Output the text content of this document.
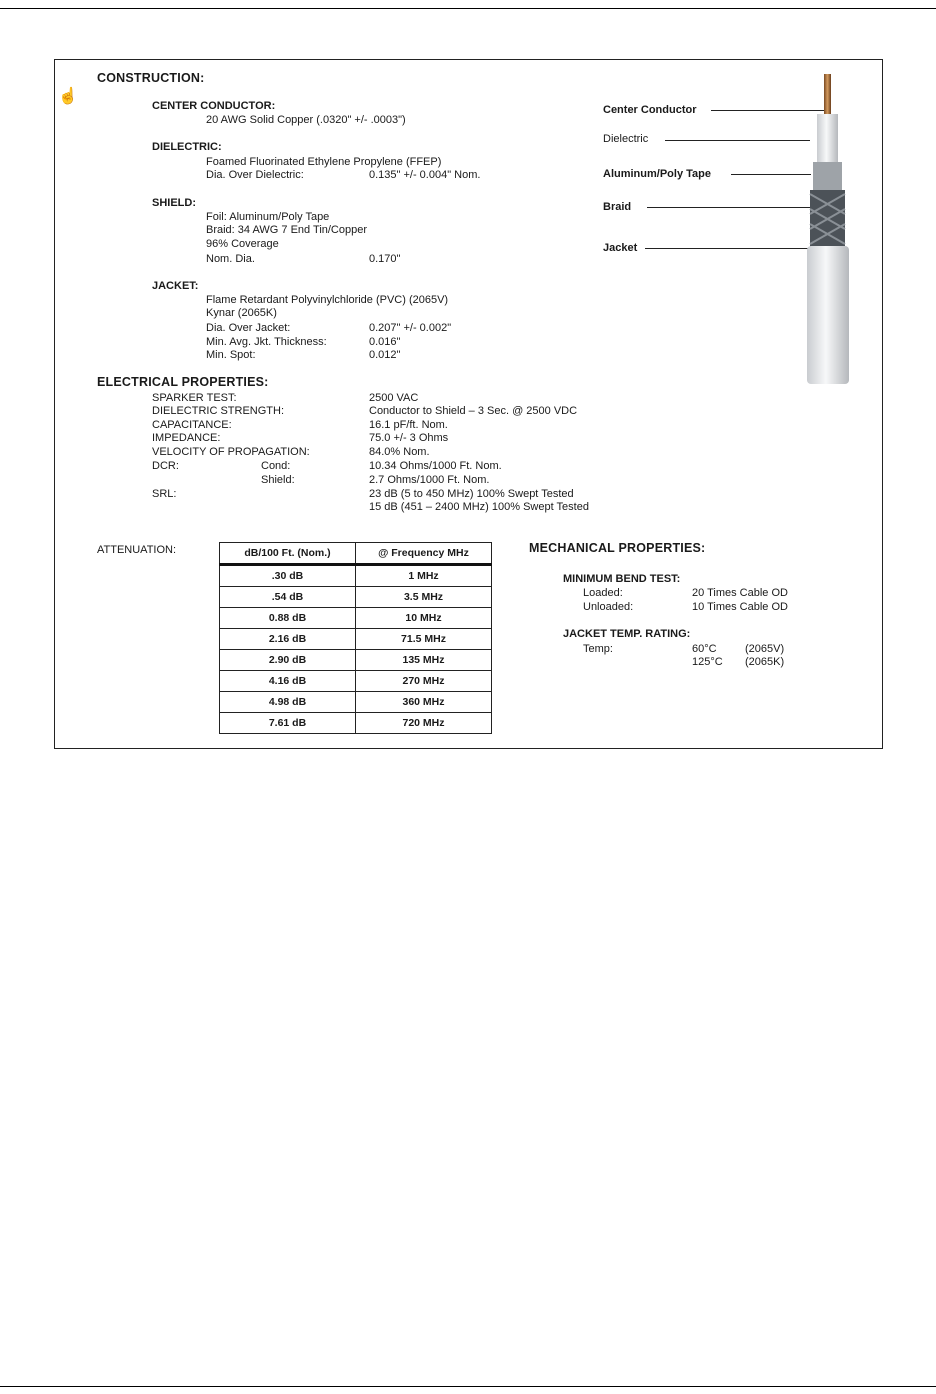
☝
CONSTRUCTION:
CENTER CONDUCTOR:
20 AWG Solid Copper (.0320" +/- .0003")
DIELECTRIC:
Foamed Fluorinated Ethylene Propylene (FFEP)
Dia. Over Dielectric:	0.135" +/- 0.004" Nom.
SHIELD:
Foil: Aluminum/Poly Tape
Braid: 34 AWG 7 End Tin/Copper
96% Coverage
Nom. Dia.	0.170"
JACKET:
Flame Retardant Polyvinylchloride (PVC) (2065V)
Kynar (2065K)
Dia. Over Jacket:	0.207" +/- 0.002"
Min. Avg. Jkt. Thickness:	0.016"
Min. Spot:	0.012"
Center Conductor
Dielectric
Aluminum/Poly Tape
Braid
Jacket
ELECTRICAL PROPERTIES:
SPARKER TEST:	2500 VAC
DIELECTRIC STRENGTH:	Conductor to Shield – 3 Sec. @ 2500 VDC
CAPACITANCE:	16.1 pF/ft. Nom.
IMPEDANCE:	75.0 +/- 3 Ohms
VELOCITY OF PROPAGATION:	84.0% Nom.
DCR:	Cond:	10.34 Ohms/1000 Ft. Nom.
Shield:	2.7 Ohms/1000 Ft. Nom.
SRL:	23 dB (5 to 450 MHz) 100% Swept Tested
15 dB (451 – 2400 MHz) 100% Swept Tested
ATTENUATION:	dB/100 Ft. (Nom.)	@ Frequency MHz
.30 dB	1 MHz
.54 dB	3.5 MHz
0.88 dB	10 MHz
2.16 dB	71.5 MHz
2.90 dB	135 MHz
4.16 dB	270 MHz
4.98 dB	360 MHz
7.61 dB	720 MHz
MECHANICAL PROPERTIES:
MINIMUM BEND TEST:
Loaded:	20 Times Cable OD
Unloaded:	10 Times Cable OD
JACKET TEMP. RATING:
Temp:	60°C	(2065V)
125°C (2065K)
